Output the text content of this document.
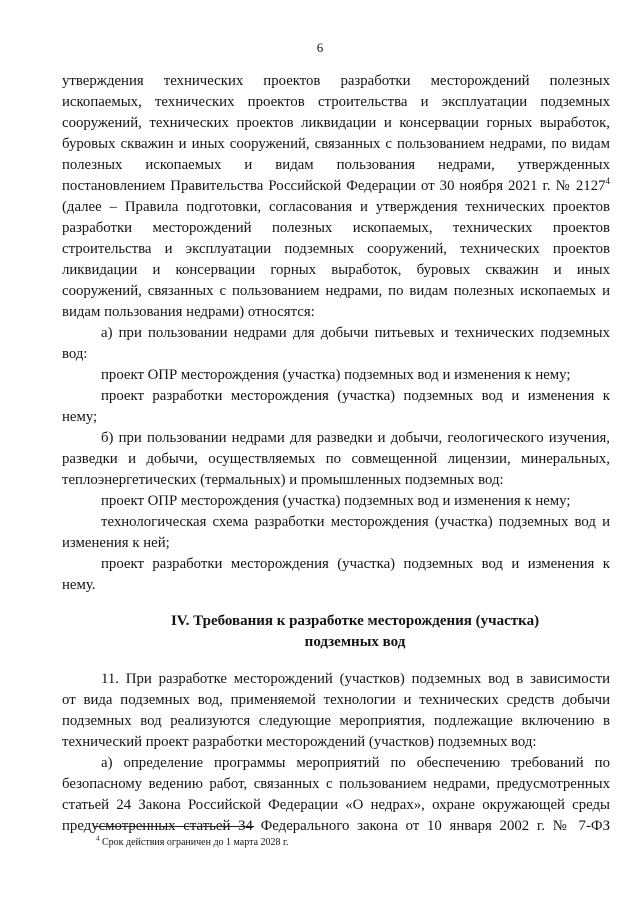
6
утверждения технических проектов разработки месторождений полезных
ископаемых, технических проектов строительства и эксплуатации подземных
сооружений, технических проектов ликвидации и консервации горных выработок,
буровых скважин и иных сооружений, связанных с пользованием недрами, по видам
полезных ископаемых и видам пользования недрами, утвержденных
постановлением Правительства Российской Федерации от 30 ноября 2021 г. № 2127$^4$
(далее – Правила подготовки, согласования и утверждения технических проектов
разработки месторождений полезных ископаемых, технических проектов
строительства и эксплуатации подземных сооружений, технических проектов
ликвидации и консервации горных выработок, буровых скважин и иных
сооружений, связанных с пользованием недрами, по видам полезных ископаемых и
видам пользования недрами) относятся:
а) при пользовании недрами для добычи питьевых и технических подземных
вод:
проект ОПР месторождения (участка) подземных вод и изменения к нему;
проект разработки месторождения (участка) подземных вод и изменения к
нему;
б) при пользовании недрами для разведки и добычи, геологического изучения,
разведки и добычи, осуществляемых по совмещенной лицензии, минеральных,
теплоэнергетических (термальных) и промышленных подземных вод:
проект ОПР месторождения (участка) подземных вод и изменения к нему;
технологическая схема разработки месторождения (участка) подземных вод и
изменения к ней;
проект разработки месторождения (участка) подземных вод и изменения к
нему.
IV. Требования к разработке месторождения (участка)
подземных вод
11. При разработке месторождений (участков) подземных вод в зависимости
от вида подземных вод, применяемой технологии и технических средств добычи
подземных вод реализуются следующие мероприятия, подлежащие включению в
технический проект разработки месторождений (участков) подземных вод:
а) определение программы мероприятий по обеспечению требований по
безопасному ведению работ, связанных с пользованием недрами, предусмотренных
статьей 24 Закона Российской Федерации «О недрах», охране окружающей среды
предусмотренных статьей 34 Федерального закона от 10 января 2002 г. № 7-ФЗ
$^4$ Срок действия ограничен до 1 марта 2028 г.
